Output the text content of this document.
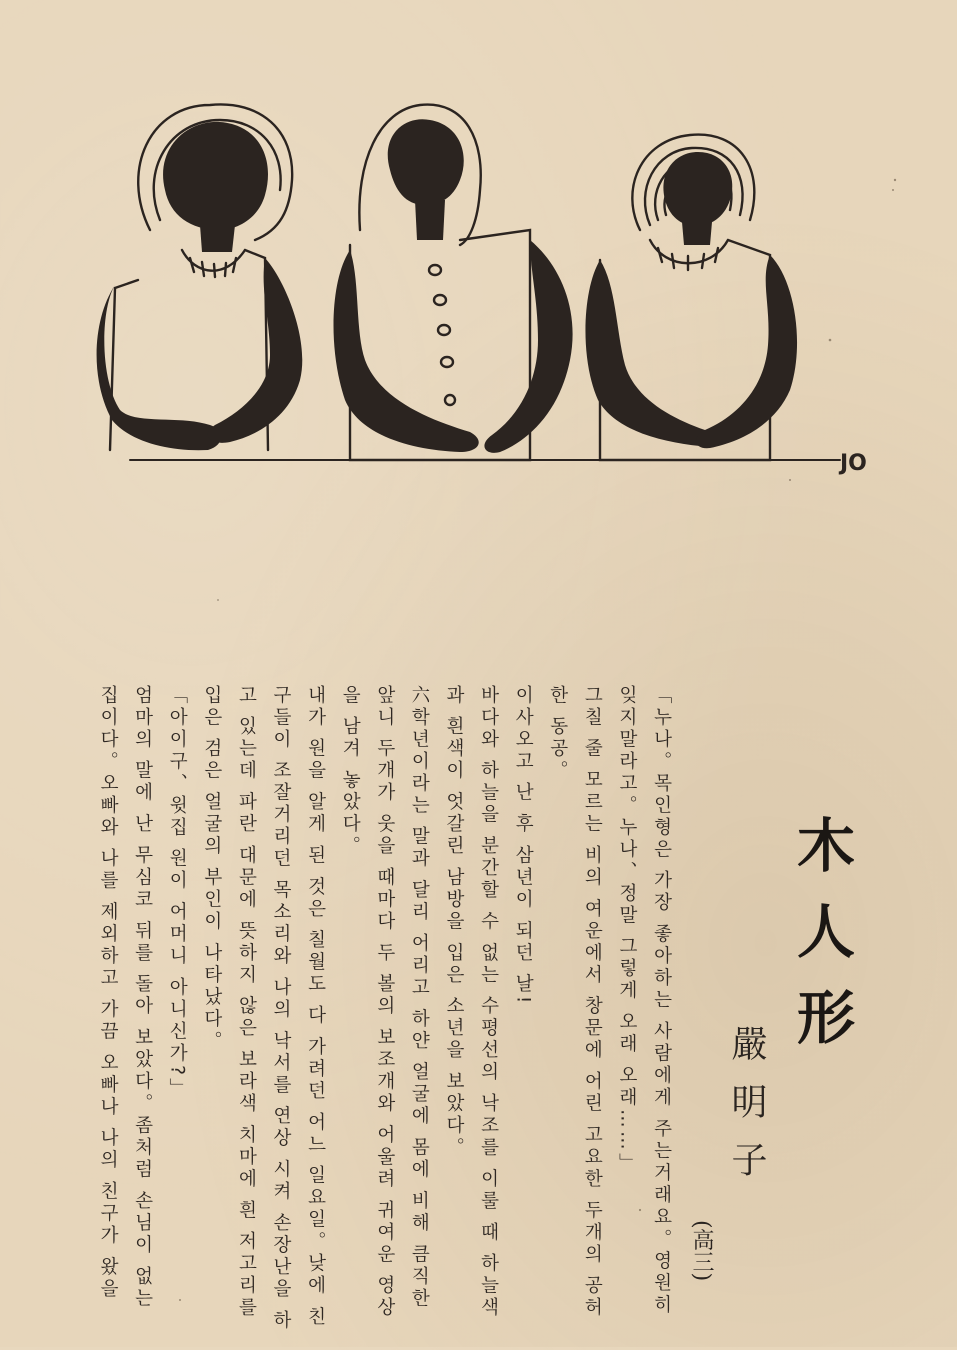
JO
木人形
嚴明子
(高三)

「누나。목인형은 가장 좋아하는 사람에게 주는거래요。영원히 잊지말라고。누나、정말 그렇게 오래 오래……」

그칠 줄 모르는 비의 여운에서 창문에 어린 고요한 두개의 공허한 동공。

이사오고 난 후 삼년이 되던 날!

바다와 하늘을 분간할 수 없는 수평선의 낙조를 이룰 때 하늘색과 흰색이 엇갈린 남방을 입은 소년을 보았다。

六학년이라는 말과 달리 어리고 하얀 얼굴에 몸에 비해 큼직한 앞니 두개가 웃을 때마다 두 볼의 보조개와 어울려 귀여운 영상을 남겨 놓았다。

내가 원을 알게 된 것은 칠월도 다 가려던 어느 일요일。낮에 친구들이 조잘거리던 목소리와 나의 낙서를 연상 시켜 손장난을 하고 있는데 파란 대문에 뜻하지 않은 보라색 치마에 흰 저고리를 입은 검은 얼굴의 부인이 나타났다。

「아이구、윗집 원이 어머니 아니신가?」

엄마의 말에 난 무심코 뒤를 돌아 보았다。좀처럼 손님이 없는 집이다。오빠와 나를 제외하고 가끔 오빠나 나의 친구가 왔을
